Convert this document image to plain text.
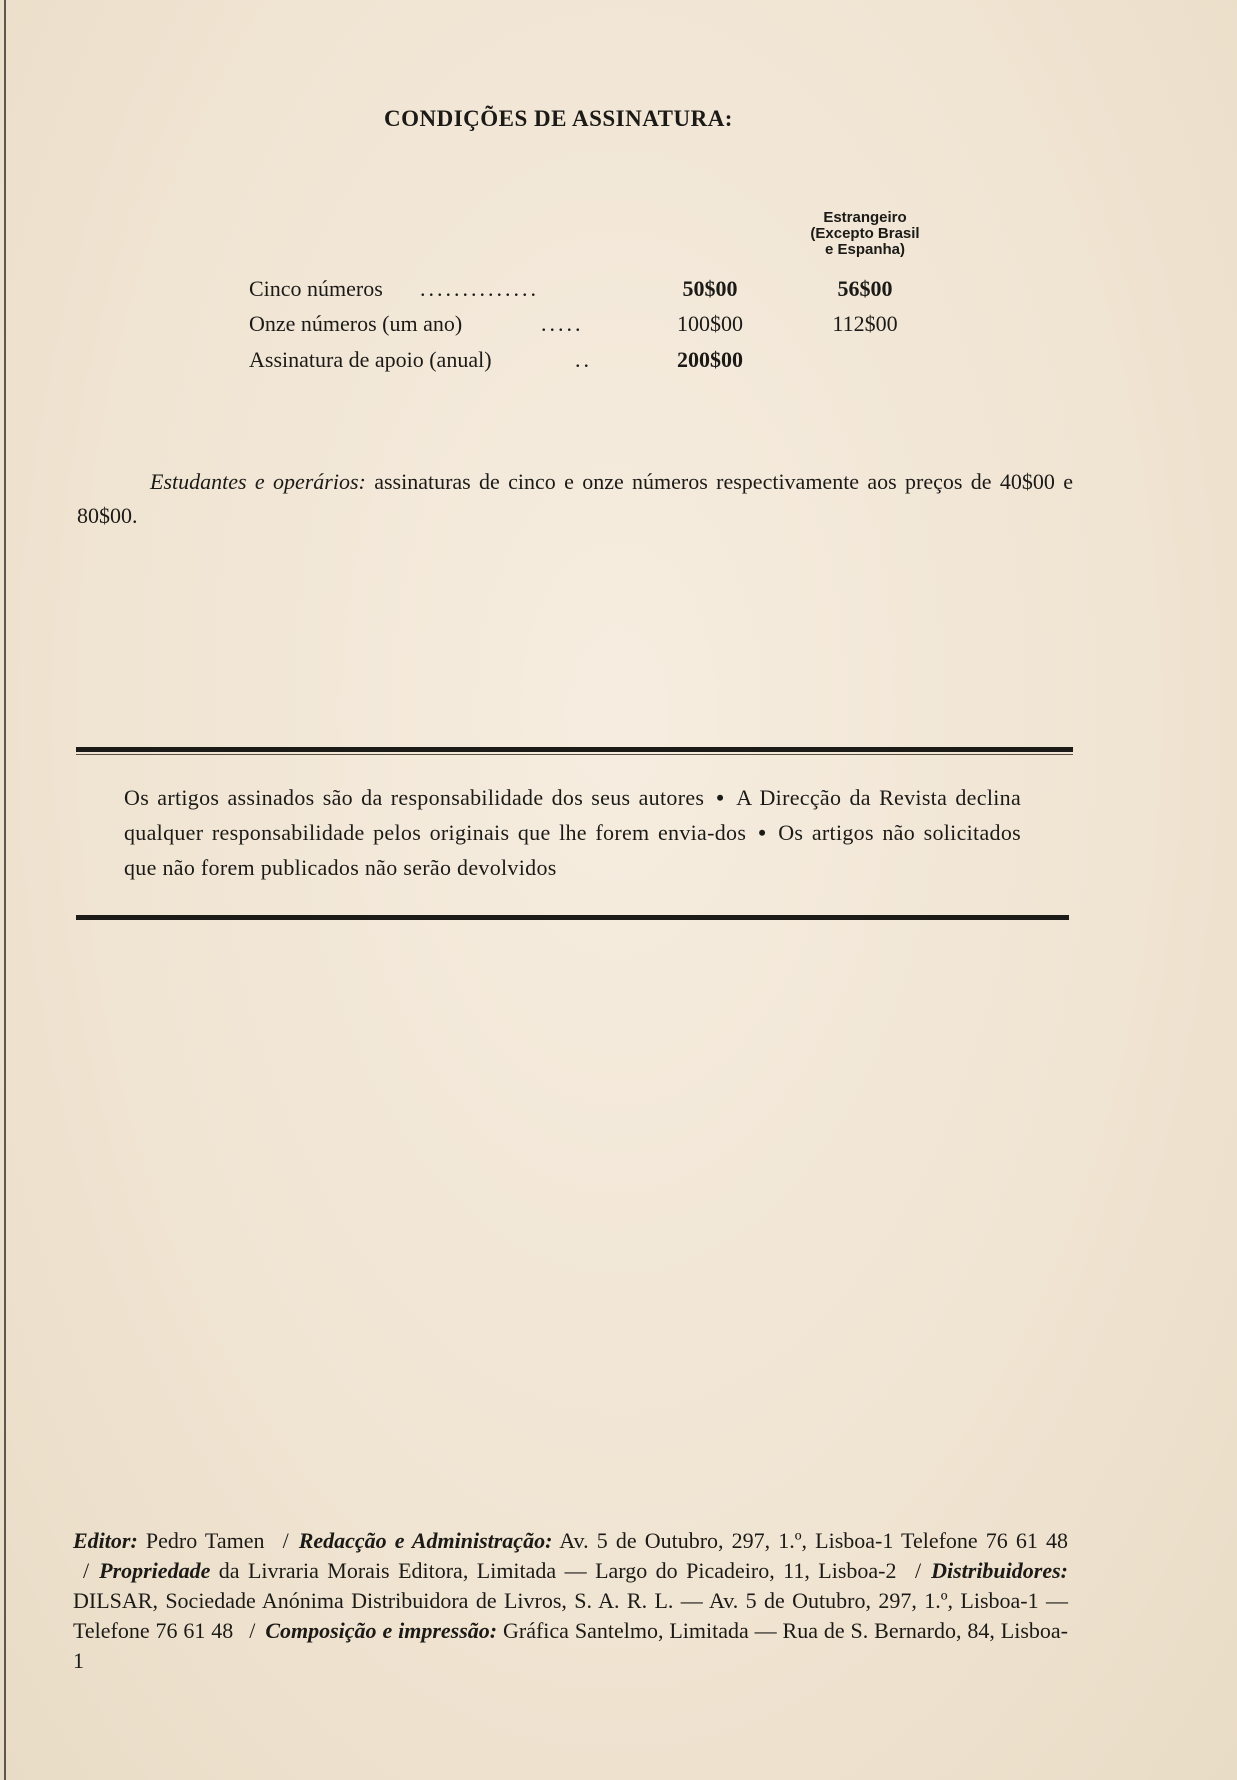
CONDIÇÕES DE ASSINATURA:
Estrangeiro
(Excepto Brasil
e Espanha)
Cinco números ..............	50$00	56$00
Onze números (um ano)	.....	100$00	112$00
Assinatura de apoio (anual)	..	200$00
Estudantes e operários: assinaturas de cinco e onze números respectivamente aos preços de 40$00 e 80$00.
Os artigos assinados são da responsabilidade dos seus autores • A Direcção da Revista declina qualquer responsabilidade pelos originais que lhe forem envia-dos • Os artigos não solicitados que não forem publicados não serão devolvidos
Editor: Pedro Tamen / Redacção e Administração: Av. 5 de Outubro, 297, 1.º, Lisboa-1 Telefone 76 61 48 / Propriedade da Livraria Morais Editora, Limitada — Largo do Picadeiro, 11, Lisboa-2 / Distribuidores: DILSAR, Sociedade Anónima Distribuidora de Livros, S. A. R. L. — Av. 5 de Outubro, 297, 1.º, Lisboa-1 — Telefone 76 61 48 / Composição e impressão: Gráfica Santelmo, Limitada — Rua de S. Bernardo, 84, Lisboa-1
